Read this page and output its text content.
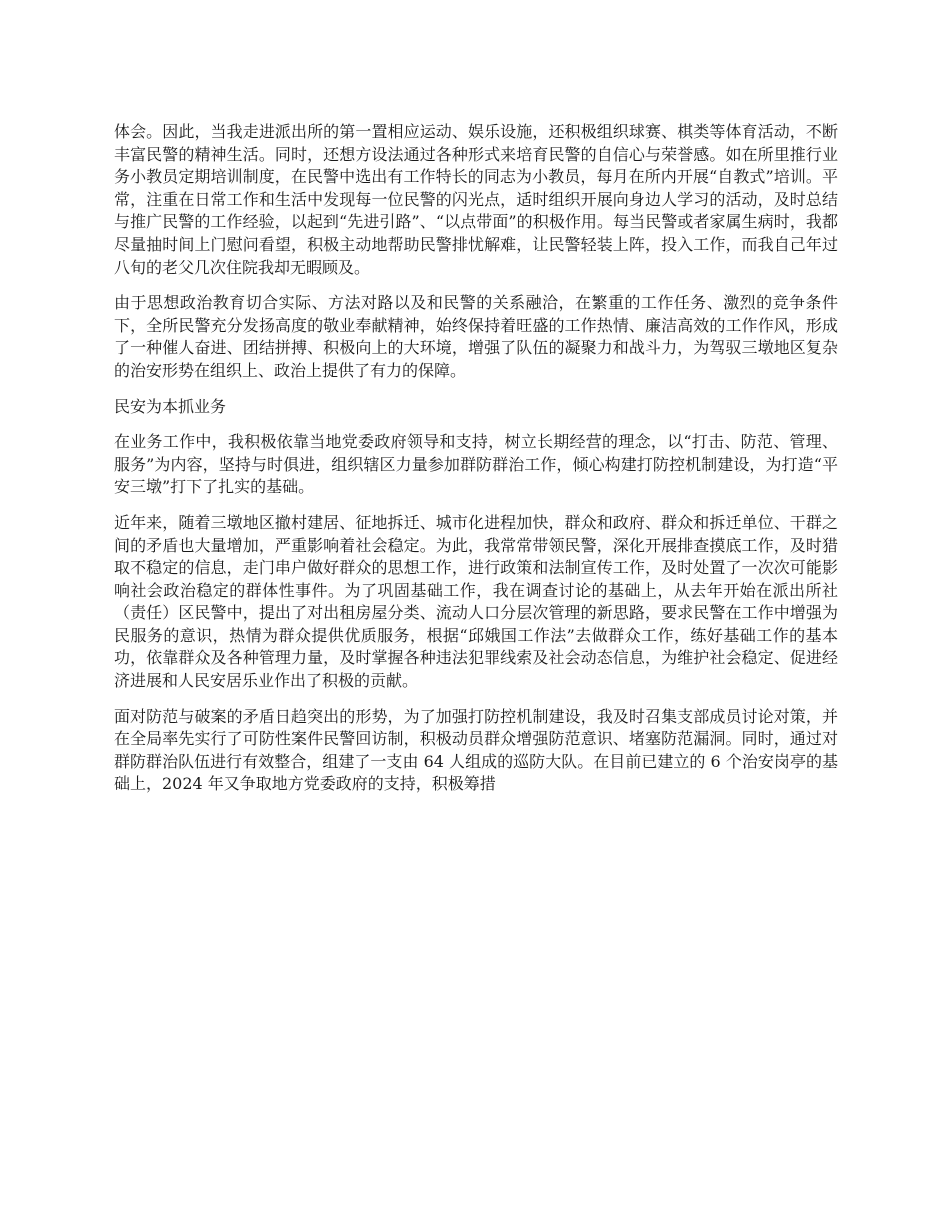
体会。因此，当我走进派出所的第一置相应运动、娱乐设施，还积极组织球赛、棋类等体育活动，不断丰富民警的精神生活。同时，还想方设法通过各种形式来培育民警的自信心与荣誉感。如在所里推行业务小教员定期培训制度，在民警中选出有工作特长的同志为小教员，每月在所内开展“自教式”培训。平常，注重在日常工作和生活中发现每一位民警的闪光点，适时组织开展向身边人学习的活动，及时总结与推广民警的工作经验，以起到“先进引路”、“以点带面”的积极作用。每当民警或者家属生病时，我都尽量抽时间上门慰问看望，积极主动地帮助民警排忧解难，让民警轻装上阵，投入工作，而我自己年过八旬的老父几次住院我却无暇顾及。

由于思想政治教育切合实际、方法对路以及和民警的关系融洽，在繁重的工作任务、激烈的竞争条件下，全所民警充分发扬高度的敬业奉献精神，始终保持着旺盛的工作热情、廉洁高效的工作作风，形成了一种催人奋进、团结拼搏、积极向上的大环境，增强了队伍的凝聚力和战斗力，为驾驭三墩地区复杂的治安形势在组织上、政治上提供了有力的保障。

民安为本抓业务

在业务工作中，我积极依靠当地党委政府领导和支持，树立长期经营的理念，以“打击、防范、管理、服务”为内容，坚持与时俱进，组织辖区力量参加群防群治工作，倾心构建打防控机制建设，为打造“平安三墩”打下了扎实的基础。

近年来，随着三墩地区撤村建居、征地拆迁、城市化进程加快，群众和政府、群众和拆迁单位、干群之间的矛盾也大量增加，严重影响着社会稳定。为此，我常常带领民警，深化开展排查摸底工作，及时猎取不稳定的信息，走门串户做好群众的思想工作，进行政策和法制宣传工作，及时处置了一次次可能影响社会政治稳定的群体性事件。为了巩固基础工作，我在调查讨论的基础上，从去年开始在派出所社（责任）区民警中，提出了对出租房屋分类、流动人口分层次管理的新思路，要求民警在工作中增强为民服务的意识，热情为群众提供优质服务，根据“邱娥国工作法”去做群众工作，练好基础工作的基本功，依靠群众及各种管理力量，及时掌握各种违法犯罪线索及社会动态信息，为维护社会稳定、促进经济进展和人民安居乐业作出了积极的贡献。

面对防范与破案的矛盾日趋突出的形势，为了加强打防控机制建设，我及时召集支部成员讨论对策，并在全局率先实行了可防性案件民警回访制，积极动员群众增强防范意识、堵塞防范漏洞。同时，通过对群防群治队伍进行有效整合，组建了一支由 64 人组成的巡防大队。在目前已建立的 6 个治安岗亭的基础上，2024 年又争取地方党委政府的支持，积极筹措
